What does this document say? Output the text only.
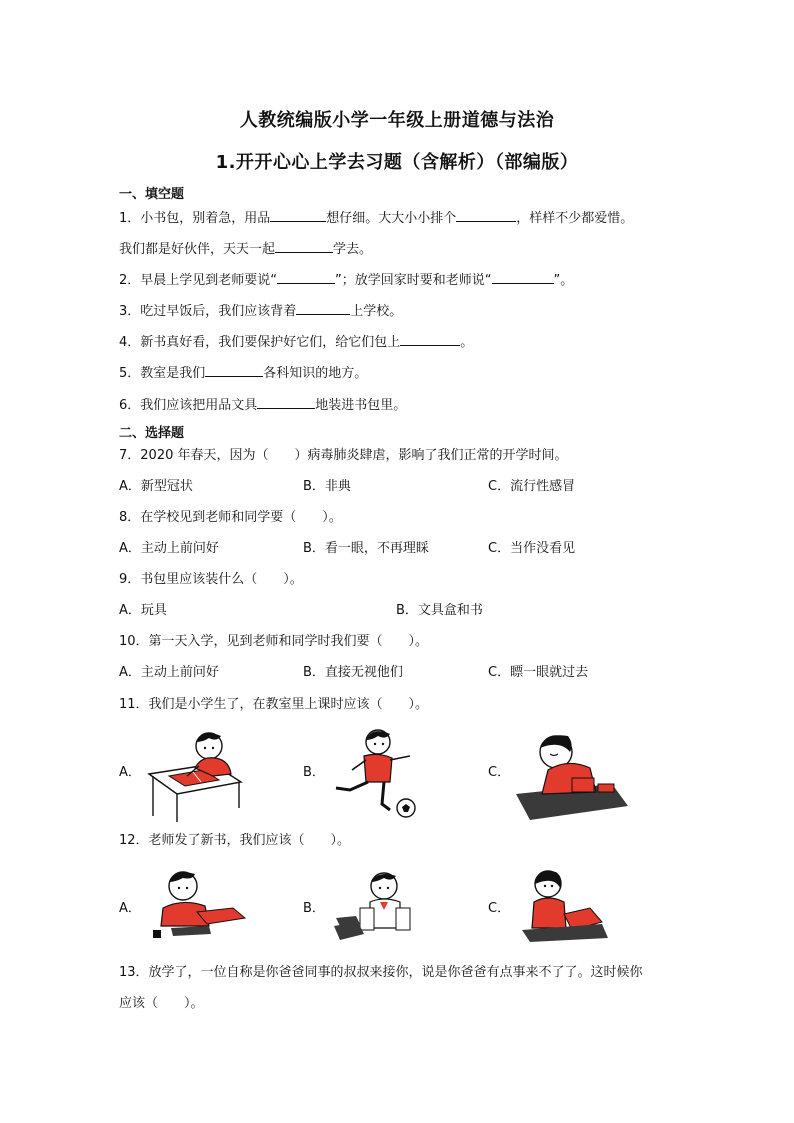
人教统编版小学一年级上册道德与法治
1.开开心心上学去习题（含解析）（部编版）
一、填空题
1．小书包，别着急，用品	想仔细。大大小小排个	，样样不少都爱惜。
我们都是好伙伴，天天一起	学去。
2．早晨上学见到老师要说“	”；放学回家时要和老师说“	”。
3．吃过早饭后，我们应该背着	上学校。
4．新书真好看，我们要保护好它们，给它们包上	。
5．教室是我们	各科知识的地方。
6．我们应该把用品文具	地装进书包里。
二、选择题
7．2020 年春天，因为（　　）病毒肺炎肆虐，影响了我们正常的开学时间。
A．新型冠状	B．非典	C．流行性感冒
8．在学校见到老师和同学要（　　）。
A．主动上前问好	B．看一眼，不再理睬	C．当作没看见
9．书包里应该装什么（　　）。
A．玩具	B．文具盒和书
10．第一天入学，见到老师和同学时我们要（　　）。
A．主动上前问好	B．直接无视他们	C．瞟一眼就过去
11．我们是小学生了，在教室里上课时应该（　　）。
A．	B．	C．
12．老师发了新书，我们应该（　　）。
A．	B．	C．
13．放学了，一位自称是你爸爸同事的叔叔来接你，说是你爸爸有点事来不了了。这时候你
应该（　　）。
